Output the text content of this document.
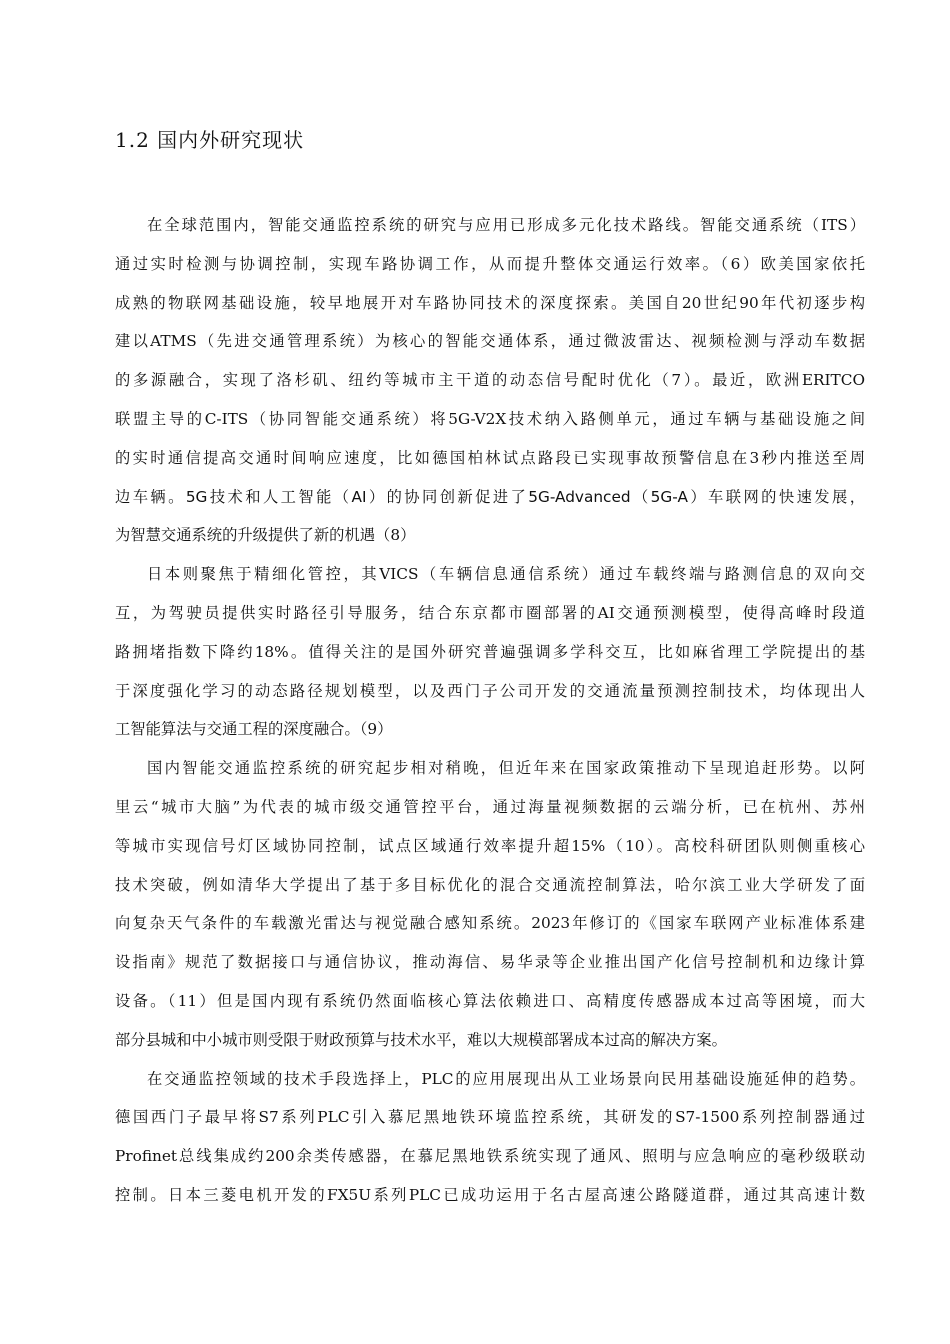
1.2 国内外研究现状
在全球范围内，智能交通监控系统的研究与应用已形成多元化技术路线。智能交通系统（ITS）
通过实时检测与协调控制，实现车路协调工作，从而提升整体交通运行效率。（6）欧美国家依托
成熟的物联网基础设施，较早地展开对车路协同技术的深度探索。美国自20世纪90年代初逐步构
建以ATMS（先进交通管理系统）为核心的智能交通体系，通过微波雷达、视频检测与浮动车数据
的多源融合，实现了洛杉矶、纽约等城市主干道的动态信号配时优化（7）。最近，欧洲ERITCO
联盟主导的C-ITS（协同智能交通系统）将5G-V2X技术纳入路侧单元，通过车辆与基础设施之间
的实时通信提高交通时间响应速度，比如德国柏林试点路段已实现事故预警信息在3秒内推送至周
边车辆。5G技术和人工智能（AI）的协同创新促进了5G-Advanced（5G-A）车联网的快速发展，
为智慧交通系统的升级提供了新的机遇（8）
日本则聚焦于精细化管控，其VICS（车辆信息通信系统）通过车载终端与路测信息的双向交
互，为驾驶员提供实时路径引导服务，结合东京都市圈部署的AI交通预测模型，使得高峰时段道
路拥堵指数下降约18%。值得关注的是国外研究普遍强调多学科交互，比如麻省理工学院提出的基
于深度强化学习的动态路径规划模型，以及西门子公司开发的交通流量预测控制技术，均体现出人
工智能算法与交通工程的深度融合。（9）
国内智能交通监控系统的研究起步相对稍晚，但近年来在国家政策推动下呈现追赶形势。以阿
里云“城市大脑”为代表的城市级交通管控平台，通过海量视频数据的云端分析，已在杭州、苏州
等城市实现信号灯区域协同控制，试点区域通行效率提升超15%（10）。高校科研团队则侧重核心
技术突破，例如清华大学提出了基于多目标优化的混合交通流控制算法，哈尔滨工业大学研发了面
向复杂天气条件的车载激光雷达与视觉融合感知系统。2023年修订的《国家车联网产业标准体系建
设指南》规范了数据接口与通信协议，推动海信、易华录等企业推出国产化信号控制机和边缘计算
设备。（11）但是国内现有系统仍然面临核心算法依赖进口、高精度传感器成本过高等困境，而大
部分县城和中小城市则受限于财政预算与技术水平，难以大规模部署成本过高的解决方案。
在交通监控领域的技术手段选择上，PLC的应用展现出从工业场景向民用基础设施延伸的趋势。
德国西门子最早将S7系列PLC引入慕尼黑地铁环境监控系统，其研发的S7-1500系列控制器通过
Profinet总线集成约200余类传感器，在慕尼黑地铁系统实现了通风、照明与应急响应的毫秒级联动
控制。日本三菱电机开发的FX5U系列PLC已成功运用于名古屋高速公路隧道群，通过其高速计数
